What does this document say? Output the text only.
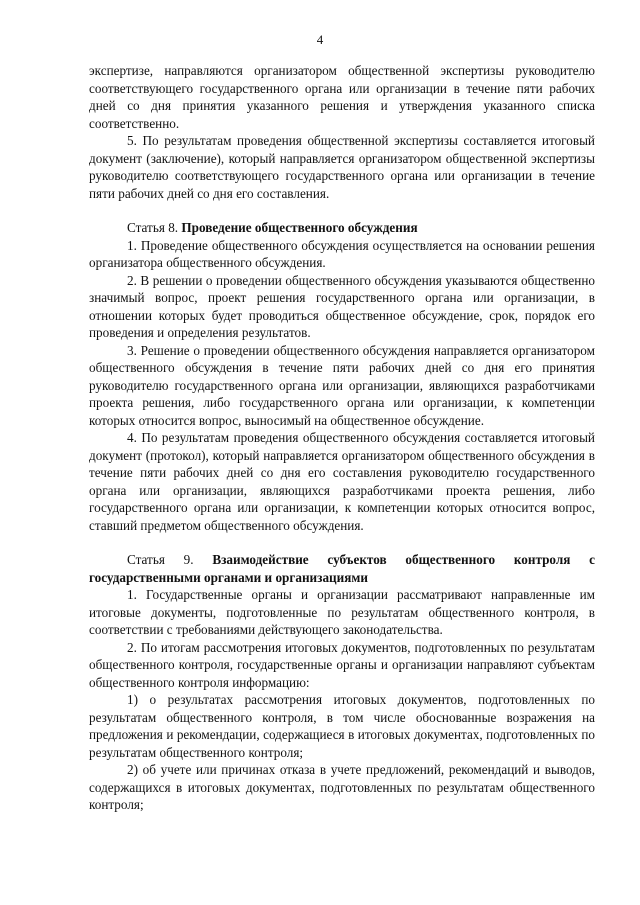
4

экспертизе, направляются организатором общественной экспертизы руководителю соответствующего государственного органа или организации в течение пяти рабочих дней со дня принятия указанного решения и утверждения указанного списка соответственно.

5. По результатам проведения общественной экспертизы составляется итоговый документ (заключение), который направляется организатором общественной экспертизы руководителю соответствующего государственного органа или организации в течение пяти рабочих дней со дня его составления.

Статья 8. Проведение общественного обсуждения

1. Проведение общественного обсуждения осуществляется на основании решения организатора общественного обсуждения.

2. В решении о проведении общественного обсуждения указываются общественно значимый вопрос, проект решения государственного органа или организации, в отношении которых будет проводиться общественное обсуждение, срок, порядок его проведения и определения результатов.

3. Решение о проведении общественного обсуждения направляется организатором общественного обсуждения в течение пяти рабочих дней со дня его принятия руководителю государственного органа или организации, являющихся разработчиками проекта решения, либо государственного органа или организации, к компетенции которых относится вопрос, выносимый на общественное обсуждение.

4. По результатам проведения общественного обсуждения составляется итоговый документ (протокол), который направляется организатором общественного обсуждения в течение пяти рабочих дней со дня его составления руководителю государственного органа или организации, являющихся разработчиками проекта решения, либо государственного органа или организации, к компетенции которых относится вопрос, ставший предметом общественного обсуждения.

Статья 9. Взаимодействие субъектов общественного контроля с государственными органами и организациями

1. Государственные органы и организации рассматривают направленные им итоговые документы, подготовленные по результатам общественного контроля, в соответствии с требованиями действующего законодательства.

2. По итогам рассмотрения итоговых документов, подготовленных по результатам общественного контроля, государственные органы и организации направляют субъектам общественного контроля информацию:

1) о результатах рассмотрения итоговых документов, подготовленных по результатам общественного контроля, в том числе обоснованные возражения на предложения и рекомендации, содержащиеся в итоговых документах, подготовленных по результатам общественного контроля;

2) об учете или причинах отказа в учете предложений, рекомендаций и выводов, содержащихся в итоговых документах, подготовленных по результатам общественного контроля;
